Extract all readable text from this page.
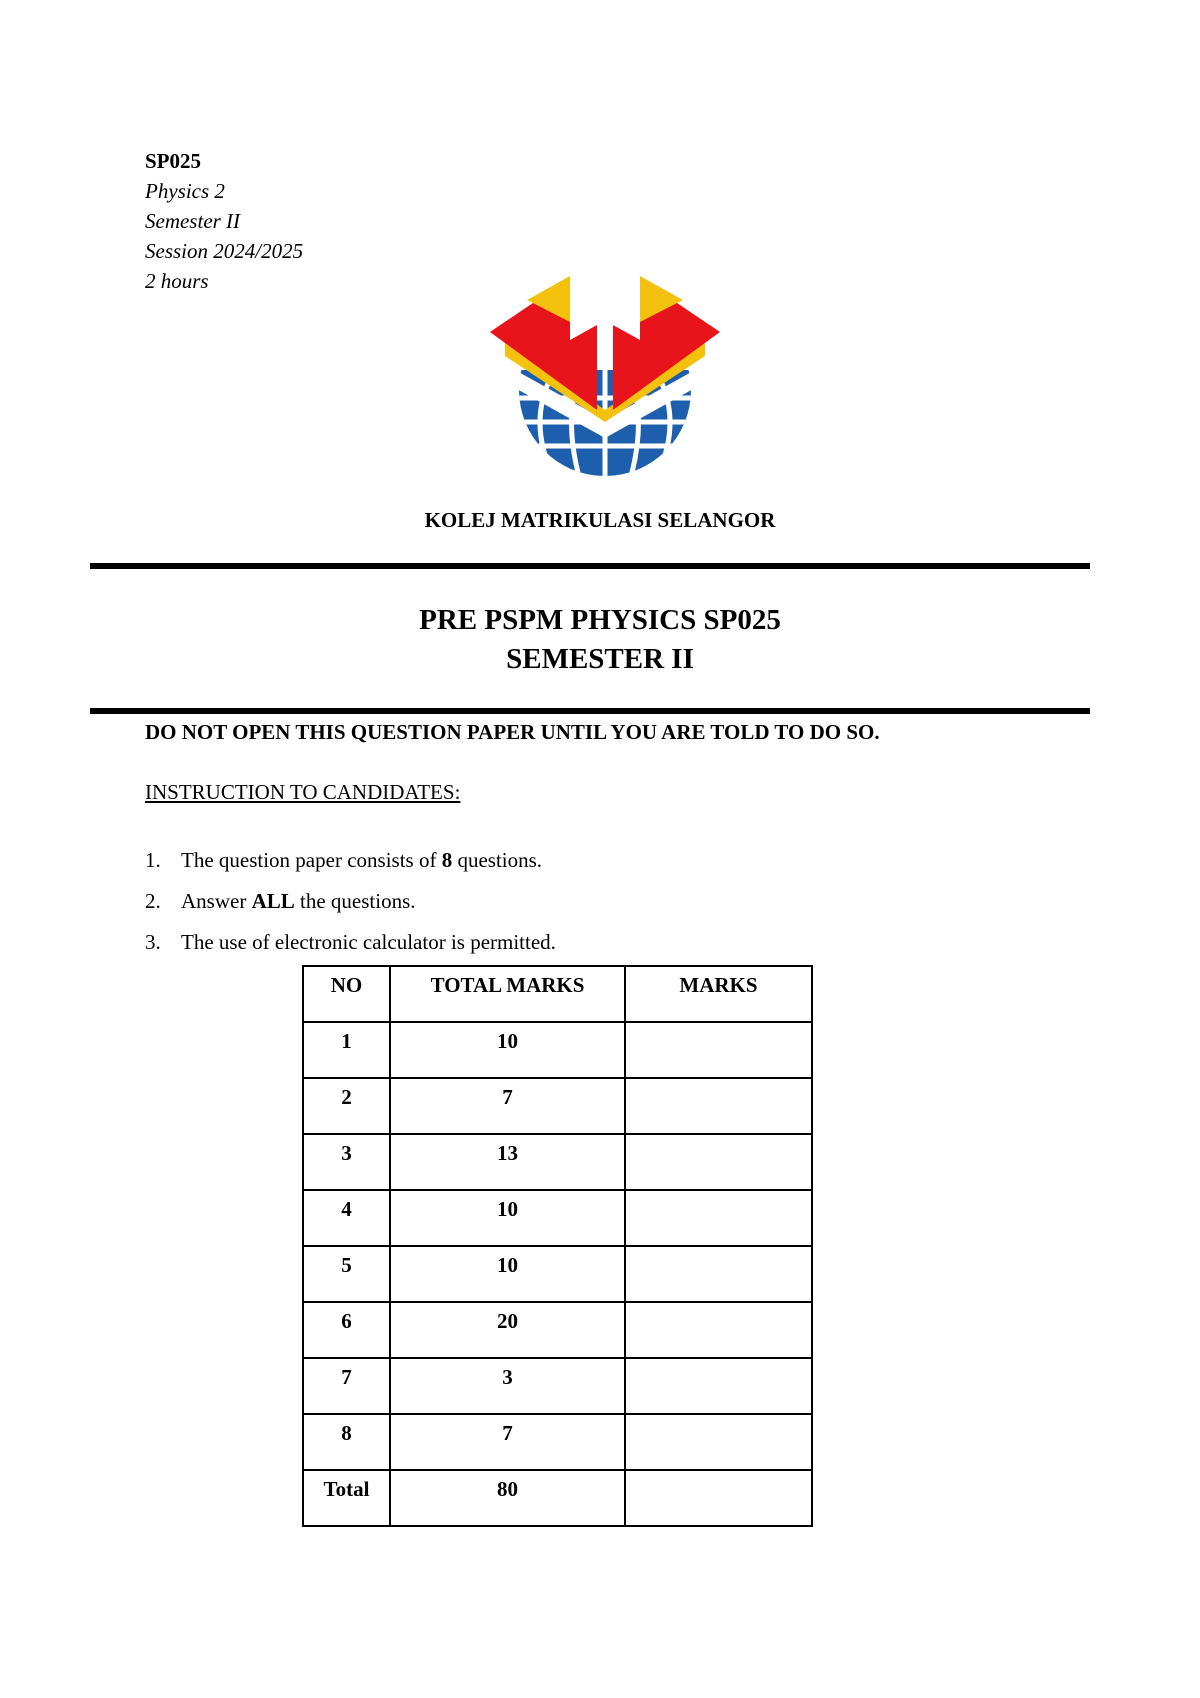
SP025
Physics 2
Semester II
Session 2024/2025
2 hours
KOLEJ MATRIKULASI SELANGOR
PRE PSPM PHYSICS SP025
SEMESTER II
DO NOT OPEN THIS QUESTION PAPER UNTIL YOU ARE TOLD TO DO SO.
INSTRUCTION TO CANDIDATES:
1. The question paper consists of 8 questions.
2. Answer ALL the questions.
3. The use of electronic calculator is permitted.
NO	TOTAL MARKS	MARKS
1	10	
2	7	
3	13	
4	10	
5	10	
6	20	
7	3	
8	7	
Total	80	
